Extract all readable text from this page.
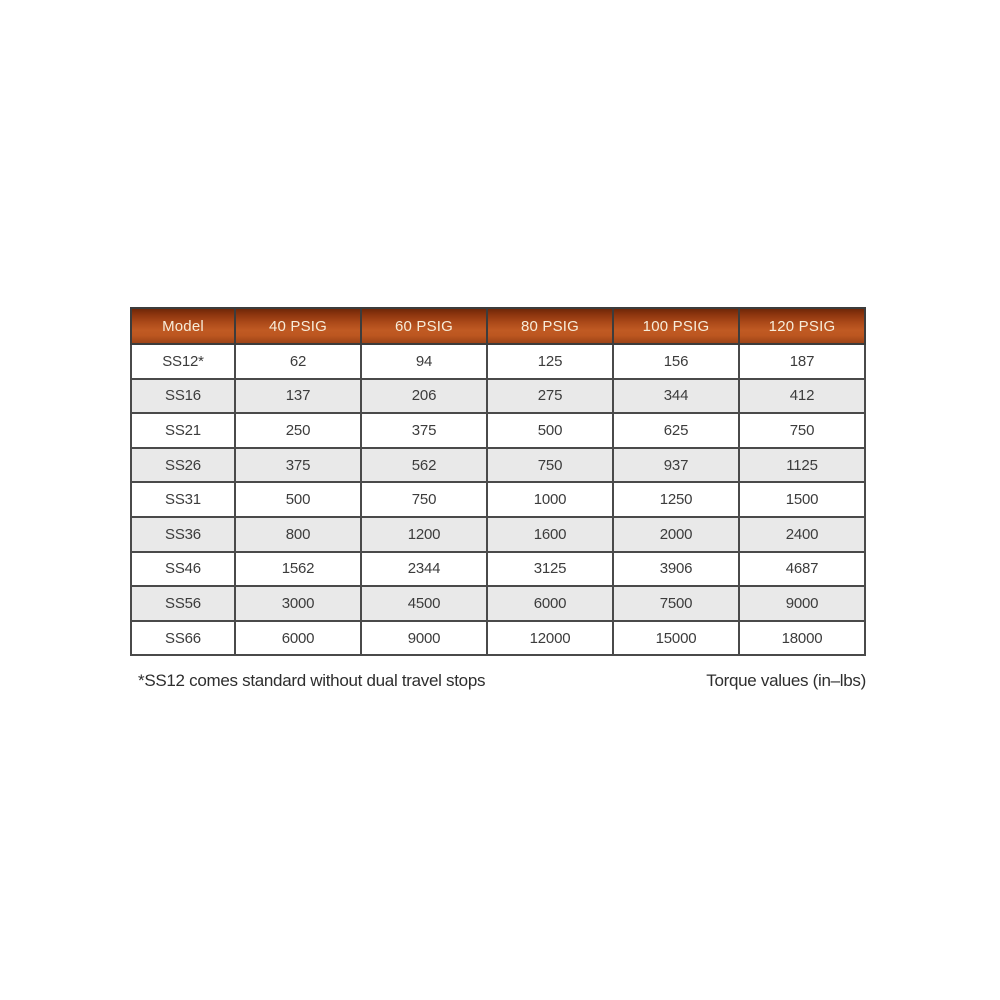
Model	40 PSIG	60 PSIG	80 PSIG	100 PSIG	120 PSIG
SS12*	62	94	125	156	187
SS16	137	206	275	344	412
SS21	250	375	500	625	750
SS26	375	562	750	937	1125
SS31	500	750	1000	1250	1500
SS36	800	1200	1600	2000	2400
SS46	1562	2344	3125	3906	4687
SS56	3000	4500	6000	7500	9000
SS66	6000	9000	12000	15000	18000
*SS12 comes standard without dual travel stops	Torque values (in–lbs)
